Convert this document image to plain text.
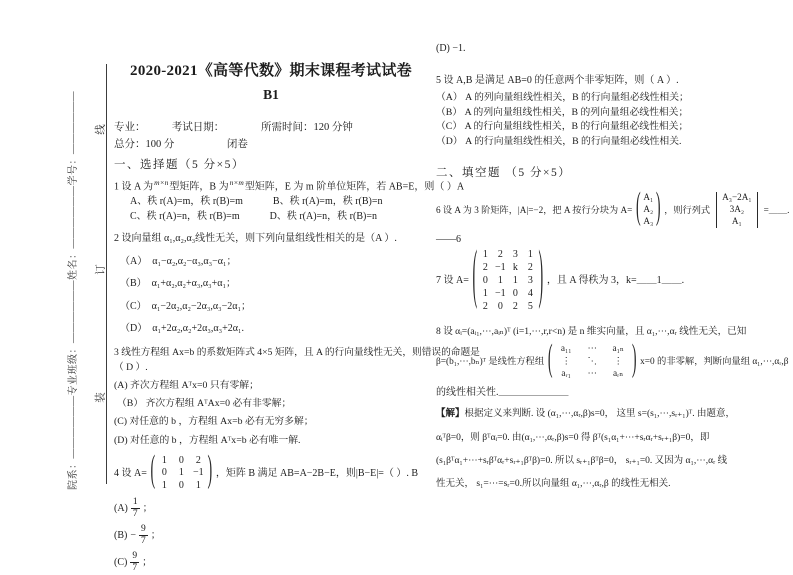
院系：——————专业班级：——————姓名：——————学号：—————— 线
订
装
2020-2021《高等代数》期末课程考试试卷
B1
专业：　　　考试日期：　　　　所需时间：120 分钟
总分：100 分　　　　　闭卷
一、选择题（5 分×5）
1 设 A 为$^{m\times n}$型矩阵，B 为$^{n\times m}$型矩阵，E 为 m 阶单位矩阵，若 AB=E，则（ ）A
A、秩 r(A)=m，秩 r(B)=m　　　B、秩 r(A)=m，秩 r(B)=n
C、秩 r(A)=n，秩 r(B)=m　　　D、秩 r(A)=n，秩 r(B)=n
2 设向量组 α₁,α₂,α₃线性无关，则下列向量组线性相关的是（A ）.
（A）　α₁−α₂,α₂−α₃,α₃−α₁；
（B）　α₁+α₂,α₂+α₃,α₃+α₁；
（C）　α₁−2α₂,α₂−2α₃,α₃−2α₁；
（D）　α₁+2α₂,α₂+2α₃,α₃+2α₁.
3 线性方程组 Ax=b 的系数矩阵式 4×5 矩阵，且 A 的行向量线性无关，则错误的命题是
（ D ）.
(A) 齐次方程组 Aᵀx=0 只有零解；
（B） 齐次方程组 AᵀAx=0 必有非零解；
(C) 对任意的 b ，方程组 Ax=b 必有无穷多解；
(D) 对任意的 b ，方程组 Aᵀx=b 必有唯一解.
4 设 A=
(
1	0	2
0	1 −1
1	0	1
)
，矩阵 B 满足 AB=A−2B−E，则|B−E|=（ ）. B
$(A) \frac{1}{7}$ ；
$(B) - \frac{9}{7}$ ；
$(C) \frac{9}{7}$ ；
(D) −1.
5 设 A,B 是满足 AB=0 的任意两个非零矩阵，则（ A ）.
（A） A 的列向量组线性相关，B 的行向量组必线性相关；
（B） A 的列向量组线性相关，B 的列向量组必线性相关；
（C） A 的行向量组线性相关，B 的行向量组必线性相关；
（D） A 的行向量组线性相关，B 的行向量组必线性相关.
二、填空题 （5 分×5）
6 设 A 为 3 阶矩阵，|A|=−2，把 A 按行分块为 A=
(
A₁
A₂
A₃
)
，则行列式
A₃−2A₁
3A₂
A₁
=＿＿.
——6
7 设 A=
(
1	2	3	1
2 −1 k	2
0	1	1	3
1 −1 0	4
2	0	2	5
)
，且 A 得秩为 3，k=＿＿1＿＿.
8 设 αᵢ=(aᵢ₁,⋯,aᵢₙ)ᵀ (i=1,⋯,r,r<n) 是 n 维实向量，且 α₁,⋯,αᵣ 线性无关，已知
β=(b₁,⋯,bₙ)ᵀ 是线性方程组
(
a₁₁	⋯	a₁ₙ
⋮	⋱	⋮
aᵣ₁	⋯	aᵣₙ
)
x=0 的非零解，判断向量组 α₁,⋯,αᵣ,β
的线性相关性.＿＿＿＿＿＿＿
【解】根据定义来判断. 设 (α₁,⋯,αᵣ,β)s=0， 这里 s=(s₁,⋯,sᵣ₊₁)ᵀ. 由题意，
αᵢᵀβ=0，则 βᵀαᵢ=0. 由(α₁,⋯,αᵣ,β)s=0 得 βᵀ(s₁α₁+⋯+sᵣαᵣ+sᵣ₊₁β)=0，即
(s₁βᵀα₁+⋯+sᵣβᵀαᵣ+sᵣ₊₁βᵀβ)=0. 所以 sᵣ₊₁βᵀβ=0， sᵣ₊₁=0. 又因为 α₁,⋯,αᵣ 线
性无关， s₁=⋯=sᵣ=0.所以向量组 α₁,⋯,αᵣ,β 的线性无相关.
